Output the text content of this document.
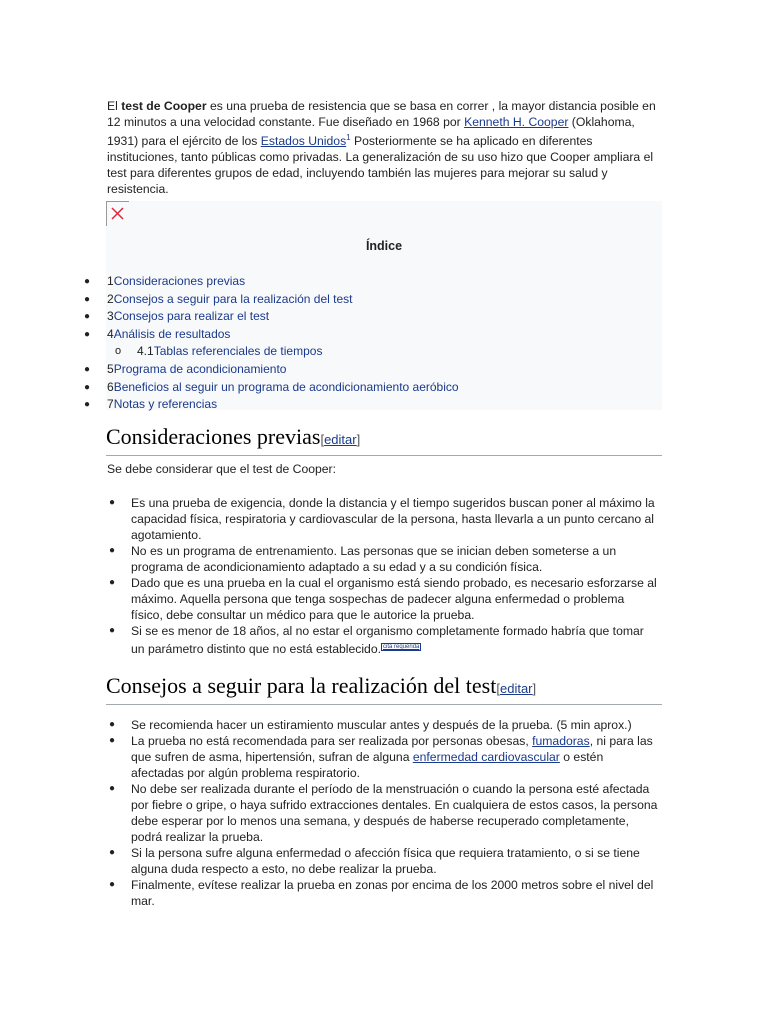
El test de Cooper es una prueba de resistencia que se basa en correr , la mayor distancia posible en 12 minutos a una velocidad constante. Fue diseñado en 1968 por Kenneth H. Cooper (Oklahoma, 1931) para el ejército de los Estados Unidos$^1$ Posteriormente se ha aplicado en diferentes instituciones, tanto públicas como privadas. La generalización de su uso hizo que Cooper ampliara el test para diferentes grupos de edad, incluyendo también las mujeres para mejorar su salud y resistencia.
Índice
● 1Consideraciones previas
● 2Consejos a seguir para la realización del test
● 3Consejos para realizar el test
● 4Análisis de resultados
o 4.1Tablas referenciales de tiempos
● 5Programa de acondicionamiento
● 6Beneficios al seguir un programa de acondicionamiento aeróbico
● 7Notas y referencias
Consideraciones previas[editar]
Se debe considerar que el test de Cooper:
● Es una prueba de exigencia, donde la distancia y el tiempo sugeridos buscan poner al máximo la capacidad física, respiratoria y cardiovascular de la persona, hasta llevarla a un punto cercano al agotamiento.
● No es un programa de entrenamiento. Las personas que se inician deben someterse a un programa de acondicionamiento adaptado a su edad y a su condición física.
● Dado que es una prueba en la cual el organismo está siendo probado, es necesario esforzarse al máximo. Aquella persona que tenga sospechas de padecer alguna enfermedad o problema físico, debe consultar un médico para que le autorice la prueba.
● Si se es menor de 18 años, al no estar el organismo completamente formado habría que tomar un parámetro distinto que no está establecido. $^{cita requerida}$
Consejos a seguir para la realización del test[editar]
● Se recomienda hacer un estiramiento muscular antes y después de la prueba. (5 min aprox.)
● La prueba no está recomendada para ser realizada por personas obesas, fumadoras, ni para las que sufren de asma, hipertensión, sufran de alguna enfermedad cardiovascular o estén afectadas por algún problema respiratorio.
● No debe ser realizada durante el período de la menstruación o cuando la persona esté afectada por fiebre o gripe, o haya sufrido extracciones dentales. En cualquiera de estos casos, la persona debe esperar por lo menos una semana, y después de haberse recuperado completamente, podrá realizar la prueba.
● Si la persona sufre alguna enfermedad o afección física que requiera tratamiento, o si se tiene alguna duda respecto a esto, no debe realizar la prueba.
● Finalmente, evítese realizar la prueba en zonas por encima de los 2000 metros sobre el nivel del mar.
